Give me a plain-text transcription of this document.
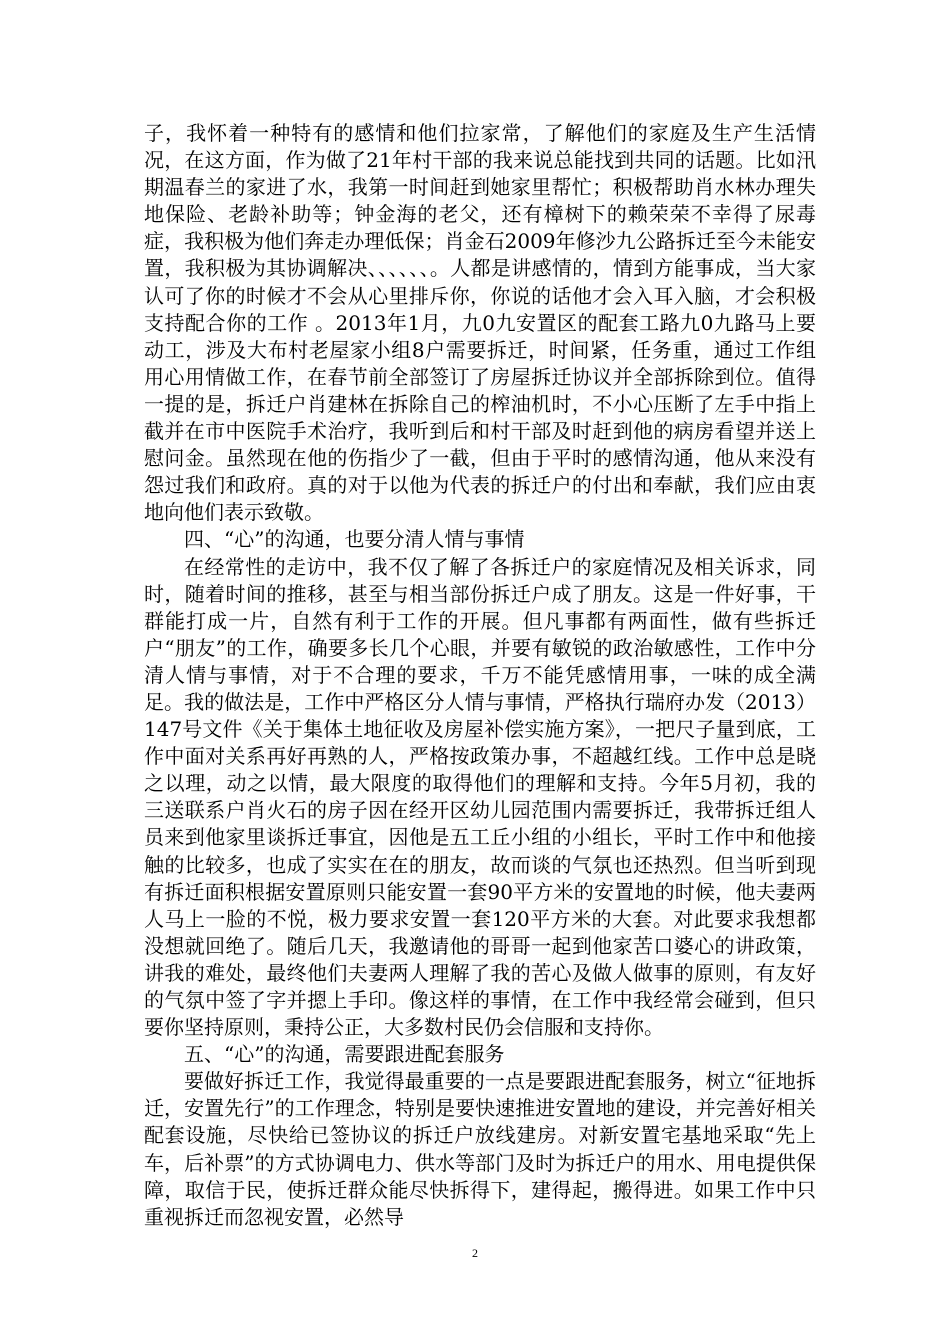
子，我怀着一种特有的感情和他们拉家常，了解他们的家庭及生产生活情况，在这方面，作为做了21年村干部的我来说总能找到共同的话题。比如汛期温春兰的家进了水，我第一时间赶到她家里帮忙；积极帮助肖水林办理失地保险、老龄补助等；钟金海的老父，还有樟树下的赖荣荣不幸得了尿毒症，我积极为他们奔走办理低保；肖金石2009年修沙九公路拆迁至今未能安置，我积极为其协调解决、、、、、、。人都是讲感情的，情到方能事成，当大家认可了你的时候才不会从心里排斥你，你说的话他才会入耳入脑，才会积极支持配合你的工作 。2013年1月，九0九安置区的配套工路九0九路马上要动工，涉及大布村老屋家小组8户需要拆迁，时间紧，任务重，通过工作组用心用情做工作，在春节前全部签订了房屋拆迁协议并全部拆除到位。值得一提的是，拆迁户肖建林在拆除自己的榨油机时，不小心压断了左手中指上截并在市中医院手术治疗，我听到后和村干部及时赶到他的病房看望并送上慰问金。虽然现在他的伤指少了一截，但由于平时的感情沟通，他从来没有怨过我们和政府。真的对于以他为代表的拆迁户的付出和奉献，我们应由衷地向他们表示致敬。

四、“心”的沟通，也要分清人情与事情

在经常性的走访中，我不仅了解了各拆迁户的家庭情况及相关诉求，同时，随着时间的推移，甚至与相当部份拆迁户成了朋友。这是一件好事，干群能打成一片，自然有利于工作的开展。但凡事都有两面性，做有些拆迁户“朋友”的工作，确要多长几个心眼，并要有敏锐的政治敏感性，工作中分清人情与事情，对于不合理的要求，千万不能凭感情用事，一味的成全满足。我的做法是，工作中严格区分人情与事情，严格执行瑞府办发（2013）147号文件《关于集体土地征收及房屋补偿实施方案》，一把尺子量到底，工作中面对关系再好再熟的人，严格按政策办事，不超越红线。工作中总是晓之以理，动之以情，最大限度的取得他们的理解和支持。今年5月初，我的三送联系户肖火石的房子因在经开区幼儿园范围内需要拆迁，我带拆迁组人员来到他家里谈拆迁事宜，因他是五工丘小组的小组长，平时工作中和他接触的比较多，也成了实实在在的朋友，故而谈的气氛也还热烈。但当听到现有拆迁面积根据安置原则只能安置一套90平方米的安置地的时候，他夫妻两人马上一脸的不悦，极力要求安置一套120平方米的大套。对此要求我想都没想就回绝了。随后几天，我邀请他的哥哥一起到他家苦口婆心的讲政策，讲我的难处，最终他们夫妻两人理解了我的苦心及做人做事的原则，有友好的气氛中签了字并摁上手印。像这样的事情，在工作中我经常会碰到，但只要你坚持原则，秉持公正，大多数村民仍会信服和支持你。

五、“心”的沟通，需要跟进配套服务

要做好拆迁工作，我觉得最重要的一点是要跟进配套服务，树立“征地拆迁，安置先行”的工作理念，特别是要快速推进安置地的建设，并完善好相关配套设施，尽快给已签协议的拆迁户放线建房。对新安置宅基地采取“先上车，后补票”的方式协调电力、供水等部门及时为拆迁户的用水、用电提供保障，取信于民，使拆迁群众能尽快拆得下，建得起，搬得进。如果工作中只重视拆迁而忽视安置，必然导

2
